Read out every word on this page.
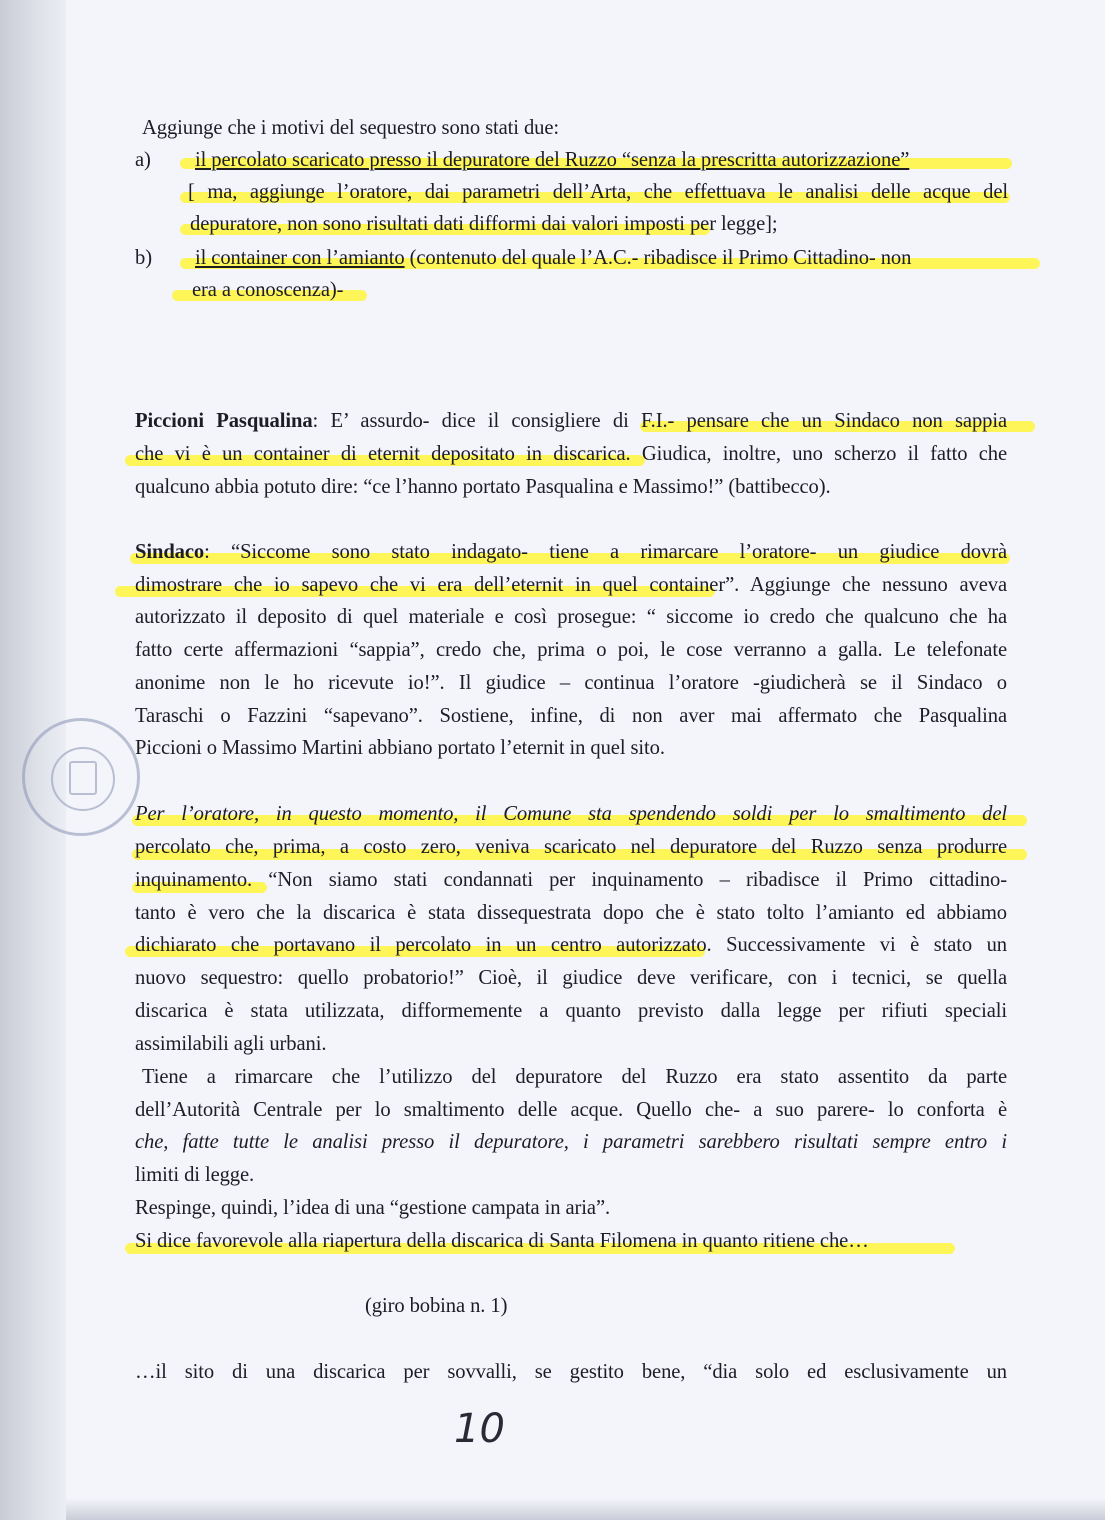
Aggiunge che i motivi del sequestro sono stati due:
a) il percolato scaricato presso il depuratore del Ruzzo “senza la prescritta autorizzazione”
[ ma, aggiunge l’oratore, dai parametri dell’Arta, che effettuava le analisi delle acque del
depuratore, non sono risultati dati difformi dai valori imposti per legge];
b) il container con l’amianto (contenuto del quale l’A.C.- ribadisce il Primo Cittadino- non
era a conoscenza)-
Piccioni Pasqualina: E’ assurdo- dice il consigliere di F.I.- pensare che un Sindaco non sappia
che vi è un container di eternit depositato in discarica. Giudica, inoltre, uno scherzo il fatto che
qualcuno abbia potuto dire: “ce l’hanno portato Pasqualina e Massimo!” (battibecco).
Sindaco: “Siccome sono stato indagato- tiene a rimarcare l’oratore- un giudice dovrà
dimostrare che io sapevo che vi era dell’eternit in quel container”. Aggiunge che nessuno aveva
autorizzato il deposito di quel materiale e così prosegue: “ siccome io credo che qualcuno che ha
fatto certe affermazioni “sappia”, credo che, prima o poi, le cose verranno a galla. Le telefonate
anonime non le ho ricevute io!”. Il giudice – continua l’oratore -giudicherà se il Sindaco o
Taraschi o Fazzini “sapevano”. Sostiene, infine, di non aver mai affermato che Pasqualina
Piccioni o Massimo Martini abbiano portato l’eternit in quel sito.
Per l’oratore, in questo momento, il Comune sta spendendo soldi per lo smaltimento del
percolato che, prima, a costo zero, veniva scaricato nel depuratore del Ruzzo senza produrre
inquinamento. “Non siamo stati condannati per inquinamento – ribadisce il Primo cittadino-
tanto è vero che la discarica è stata dissequestrata dopo che è stato tolto l’amianto ed abbiamo
dichiarato che portavano il percolato in un centro autorizzato. Successivamente vi è stato un
nuovo sequestro: quello probatorio!” Cioè, il giudice deve verificare, con i tecnici, se quella
discarica è stata utilizzata, difformemente a quanto previsto dalla legge per rifiuti speciali
assimilabili agli urbani.
Tiene a rimarcare che l’utilizzo del depuratore del Ruzzo era stato assentito da parte
dell’Autorità Centrale per lo smaltimento delle acque. Quello che- a suo parere- lo conforta è
che, fatte tutte le analisi presso il depuratore, i parametri sarebbero risultati sempre entro i
limiti di legge.
Respinge, quindi, l’idea di una “gestione campata in aria”.
Si dice favorevole alla riapertura della discarica di Santa Filomena in quanto ritiene che…
(giro bobina n. 1)
…il sito di una discarica per sovvalli, se gestito bene, “dia solo ed esclusivamente un
10
